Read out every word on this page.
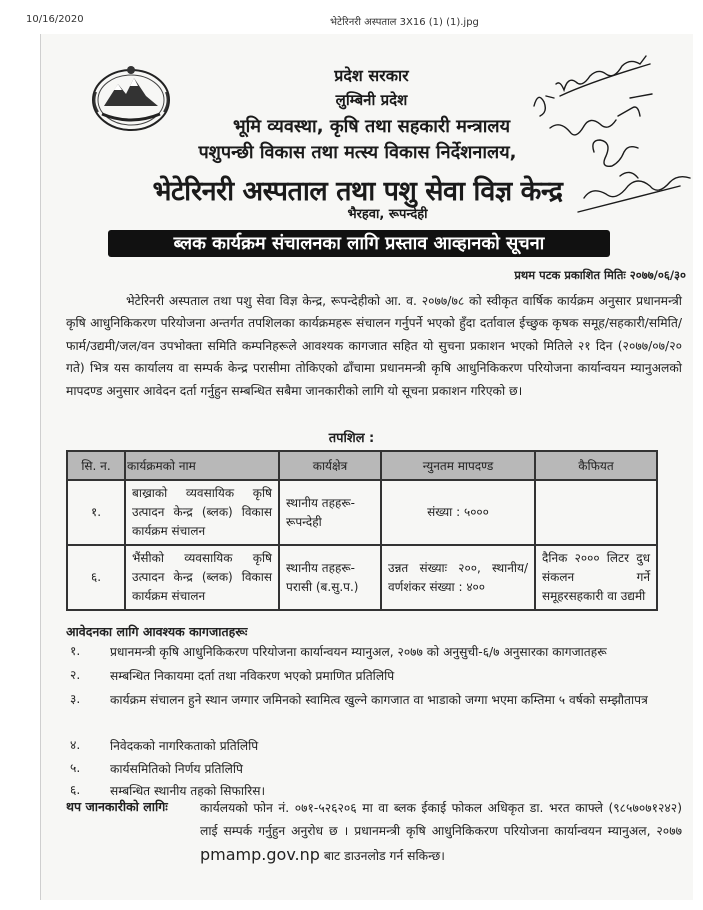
10/16/2020	भेटेरिनरी अस्पताल 3X16 (1) (1).jpg
प्रदेश सरकार
लुम्बिनी प्रदेश
भूमि व्यवस्था, कृषि तथा सहकारी मन्त्रालय
पशुपन्छी विकास तथा मत्स्य विकास निर्देशनालय,
भेटेरिनरी अस्पताल तथा पशु सेवा विज्ञ केन्द्र
भैरहवा, रूपन्देही
ब्लक कार्यक्रम संचालनका लागि प्रस्ताव आव्हानको सूचना
प्रथम पटक प्रकाशित मितिः २०७७/०६/३०
भेटेरिनरी अस्पताल तथा पशु सेवा विज्ञ केन्द्र, रूपन्देहीको आ. व. २०७७/७८ को स्वीकृत वार्षिक कार्यक्रम अनुसार प्रधानमन्त्री कृषि आधुनिकिकरण परियोजना अन्तर्गत तपशिलका कार्यक्रमहरू संचालन गर्नुपर्ने भएको हुँदा दर्तावाल ईच्छुक कृषक समूह/सहकारी/समिति/फार्म/उद्यमी/जल/वन उपभोक्ता समिति कम्पनिहरूले आवश्यक कागजात सहित यो सुचना प्रकाशन भएको मितिले २१ दिन (२०७७/०७/२० गते) भित्र यस कार्यालय वा सम्पर्क केन्द्र परासीमा तोकिएको ढाँचामा प्रधानमन्त्री कृषि आधुनिकिकरण परियोजना कार्यान्वयन म्यानुअलको मापदण्ड अनुसार आवेदन दर्ता गर्नुहुन सम्बन्धित सबैमा जानकारीको लागि यो सूचना प्रकाशन गरिएको छ।
तपशिल :
सि. न.	कार्यक्रमको नाम	कार्यक्षेत्र	न्युनतम मापदण्ड	कैफियत
१.	बाख्राको व्यवसायिक कृषि उत्पादन केन्द्र (ब्लक) विकास कार्यक्रम संचालन	स्थानीय तहहरू- रूपन्देही	संख्या : ५०००	
६.	भैंसीको व्यवसायिक कृषि उत्पादन केन्द्र (ब्लक) विकास कार्यक्रम संचालन	स्थानीय तहहरू- परासी (ब.सु.प.)	उन्नत संख्याः २००, स्थानीय/वर्णशंकर संख्या : ४००	दैनिक २००० लिटर दुध संकलन गर्ने समूहरसहकारी वा उद्यमी
आवेदनका लागि आवश्यक कागजातहरूः
१.	प्रधानमन्त्री कृषि आधुनिकिकरण परियोजना कार्यान्वयन म्यानुअल, २०७७ को अनुसुची-६/७ अनुसारका कागजातहरू
२.	सम्बन्धित निकायमा दर्ता तथा नविकरण भएको प्रमाणित प्रतिलिपि
३.	कार्यक्रम संचालन हुने स्थान जग्गार जमिनको स्वामित्व खुल्ने कागजात वा भाडाको जग्गा भएमा कम्तिमा ५ वर्षको सम्झौतापत्र
४.	निवेदकको नागरिकताको प्रतिलिपि
५.	कार्यसमितिको निर्णय प्रतिलिपि
६.	सम्बन्धित स्थानीय तहको सिफारिस।
थप जानकारीको लागिः	कार्यलयको फोन नं. ०७१-५२६२०६ मा वा ब्लक ईकाई फोकल अधिकृत डा. भरत काफ्ले (९८५७०७१२४२) लाई सम्पर्क गर्नुहुन अनुरोध छ । प्रधानमन्त्री कृषि आधुनिकिकरण परियोजना कार्यान्वयन म्यानुअल, २०७७ pmamp.gov.np बाट डाउनलोड गर्न सकिन्छ।
